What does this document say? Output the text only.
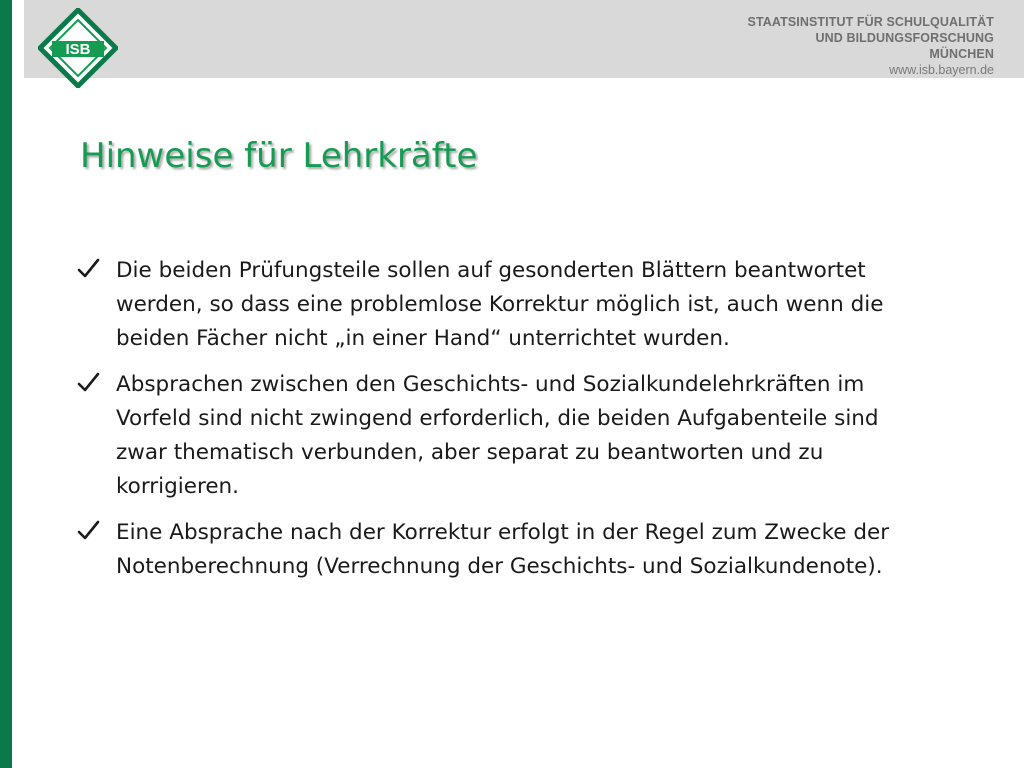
ISB
STAATSINSTITUT FÜR SCHULQUALITÄT
UND BILDUNGSFORSCHUNG
MÜNCHEN
www.isb.bayern.de
Hinweise für Lehrkräfte
Die beiden Prüfungsteile sollen auf gesonderten Blättern beantwortet
werden, so dass eine problemlose Korrektur möglich ist, auch wenn die
beiden Fächer nicht „in einer Hand“ unterrichtet wurden.
Absprachen zwischen den Geschichts- und Sozialkundelehrkräften im
Vorfeld sind nicht zwingend erforderlich, die beiden Aufgabenteile sind
zwar thematisch verbunden, aber separat zu beantworten und zu
korrigieren.
Eine Absprache nach der Korrektur erfolgt in der Regel zum Zwecke der
Notenberechnung (Verrechnung der Geschichts- und Sozialkundenote).
